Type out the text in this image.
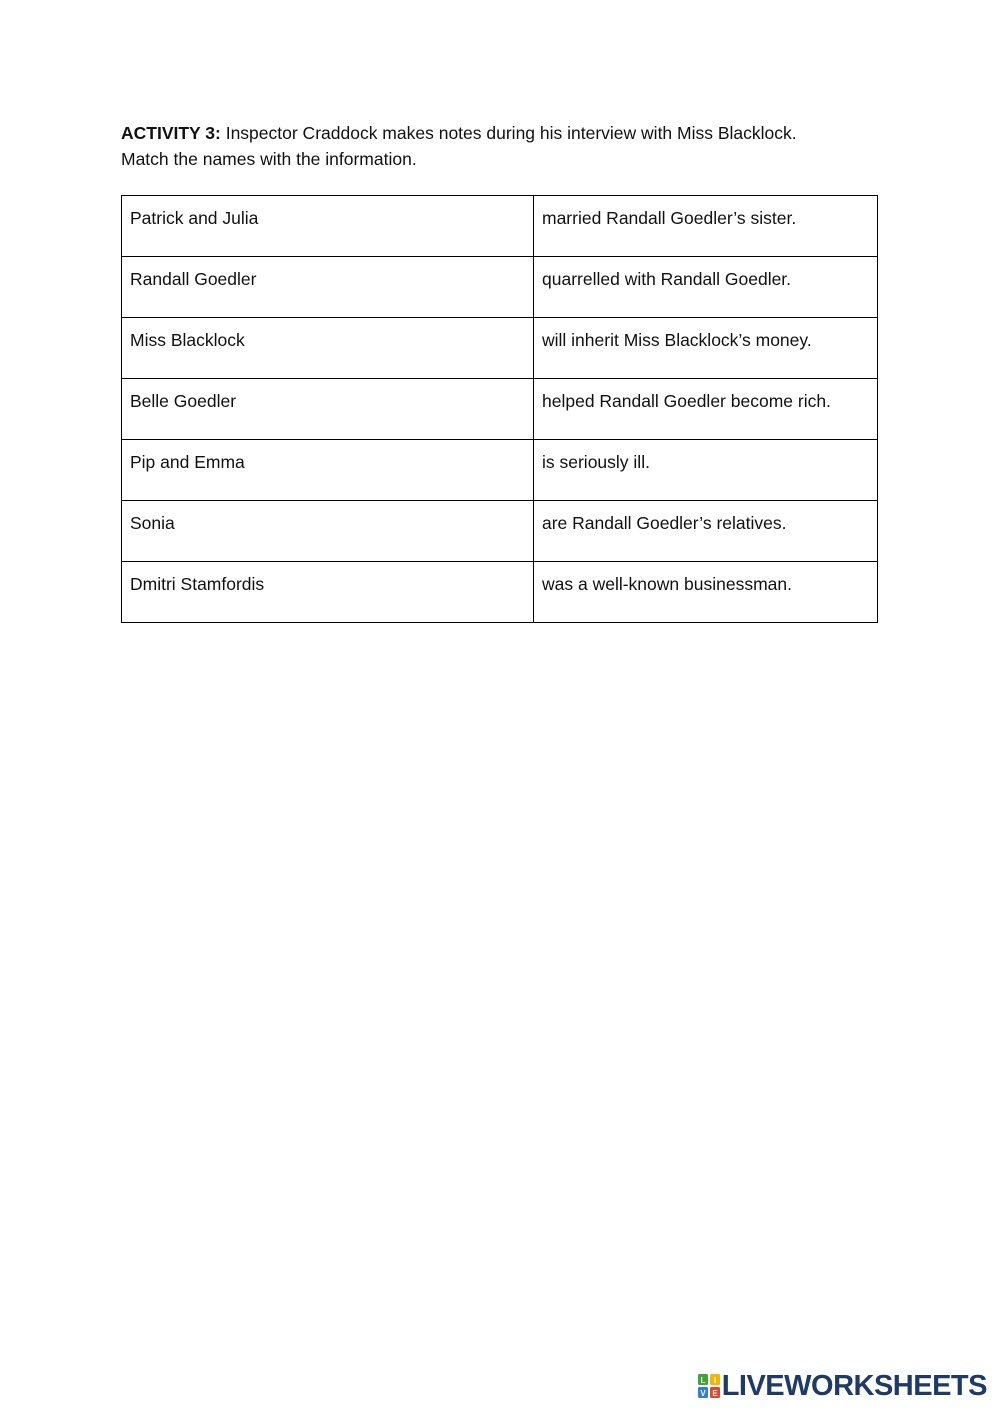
ACTIVITY 3: Inspector Craddock makes notes during his interview with Miss Blacklock.
Match the names with the information.

Patrick and Julia	married Randall Goedler’s sister.

Randall Goedler	quarrelled with Randall Goedler.

Miss Blacklock	will inherit Miss Blacklock’s money.

Belle Goedler	helped Randall Goedler become rich.

Pip and Emma	is seriously ill.

Sonia	are Randall Goedler’s relatives.

Dmitri Stamfordis	was a well-known businessman.
L I
V E LIVEWORKSHEETS
